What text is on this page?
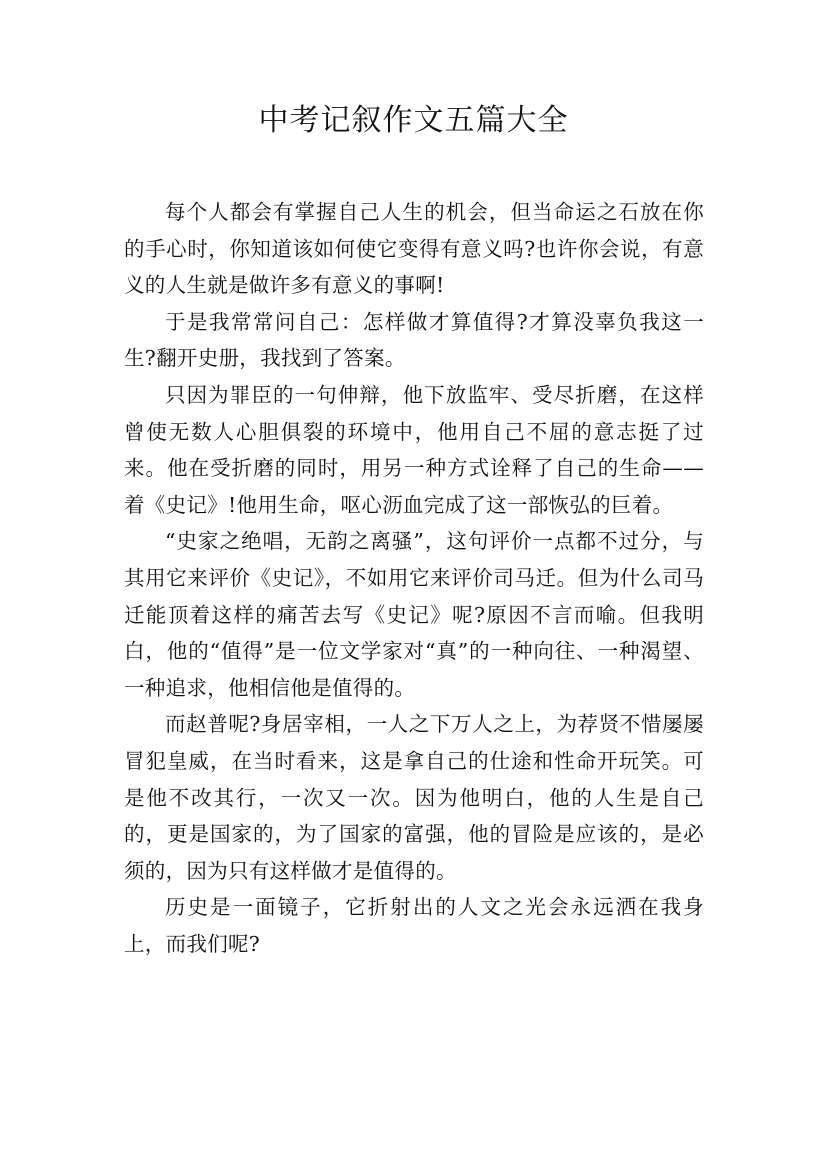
中考记叙作文五篇大全

每个人都会有掌握自己人生的机会，但当命运之石放在你的手心时，你知道该如何使它变得有意义吗?也许你会说，有意义的人生就是做许多有意义的事啊!

于是我常常问自己：怎样做才算值得?才算没辜负我这一生?翻开史册，我找到了答案。

只因为罪臣的一句伸辩，他下放监牢、受尽折磨，在这样曾使无数人心胆俱裂的环境中，他用自己不屈的意志挺了过来。他在受折磨的同时，用另一种方式诠释了自己的生命——着《史记》!他用生命，呕心沥血完成了这一部恢弘的巨着。

“史家之绝唱，无韵之离骚”，这句评价一点都不过分，与其用它来评价《史记》，不如用它来评价司马迁。但为什么司马迁能顶着这样的痛苦去写《史记》呢?原因不言而喻。但我明白，他的“值得”是一位文学家对“真”的一种向往、一种渴望、一种追求，他相信他是值得的。

而赵普呢?身居宰相，一人之下万人之上，为荐贤不惜屡屡冒犯皇威，在当时看来，这是拿自己的仕途和性命开玩笑。可是他不改其行，一次又一次。因为他明白，他的人生是自己的，更是国家的，为了国家的富强，他的冒险是应该的，是必须的，因为只有这样做才是值得的。

历史是一面镜子，它折射出的人文之光会永远洒在我身上，而我们呢?
